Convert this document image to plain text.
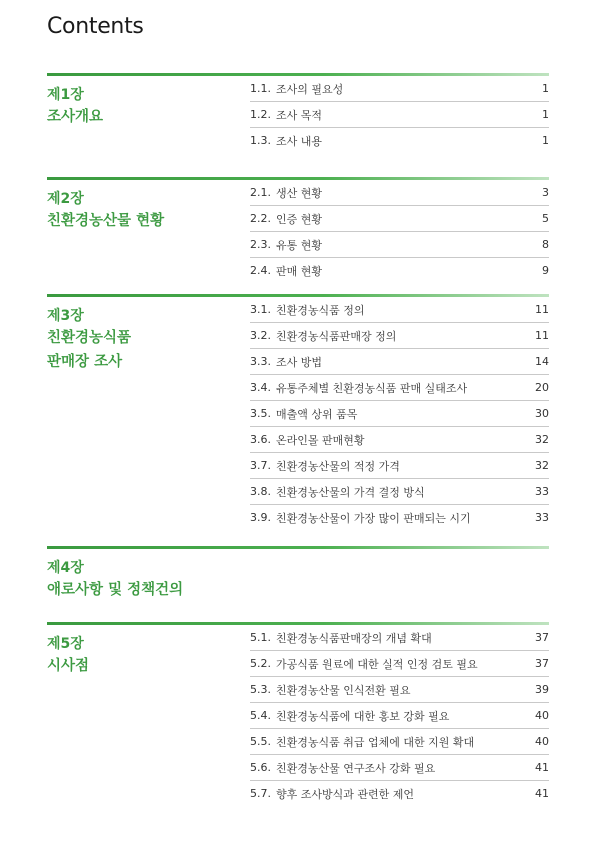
Contents
제1장
조사개요
1.1. 조사의 필요성	1
1.2. 조사 목적	1
1.3. 조사 내용	1
제2장
친환경농산물 현황
2.1. 생산 현황	3
2.2. 인증 현황	5
2.3. 유통 현황	8
2.4. 판매 현황	9
제3장
친환경농식품
판매장 조사
3.1. 친환경농식품 정의	11
3.2. 친환경농식품판매장 정의	11
3.3. 조사 방법	14
3.4. 유통주체별 친환경농식품 판매 실태조사	20
3.5. 매출액 상위 품목	30
3.6. 온라인몰 판매현황	32
3.7. 친환경농산물의 적정 가격	32
3.8. 친환경농산물의 가격 결정 방식	33
3.9. 친환경농산물이 가장 많이 판매되는 시기	33
제4장
애로사항 및 정책건의
제5장
시사점
5.1. 친환경농식품판매장의 개념 확대	37
5.2. 가공식품 원료에 대한 실적 인정 검토 필요	37
5.3. 친환경농산물 인식전환 필요	39
5.4. 친환경농식품에 대한 홍보 강화 필요	40
5.5. 친환경농식품 취급 업체에 대한 지원 확대	40
5.6. 친환경농산물 연구조사 강화 필요	41
5.7. 향후 조사방식과 관련한 제언	41
